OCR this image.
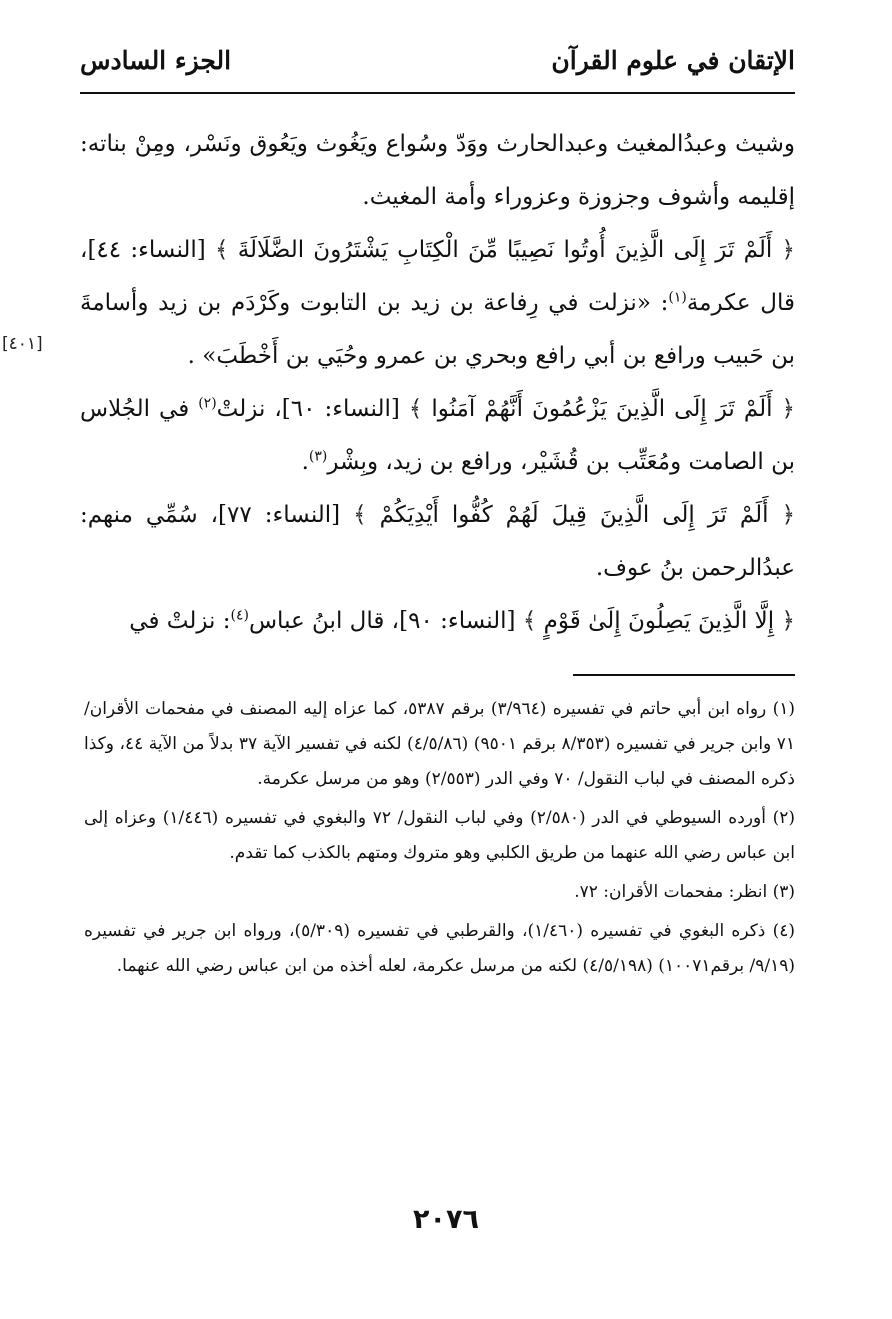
الإتقان في علوم القرآن
الجزء السادس
[٤٠١]

وشيث وعبدُالمغيث وعبدالحارث ووَدّ وسُواع ويَغُوث ويَعُوق ونَسْر، ومِنْ بناته: إقليمه وأشوف وجزوزة وعزوراء وأمة المغيث.

﴿ أَلَمْ تَرَ إِلَى الَّذِينَ أُوتُوا نَصِيبًا مِّنَ الْكِتَابِ يَشْتَرُونَ الضَّلَالَةَ ﴾ [النساء: ٤٤]، قال عكرمة$^{(١)}$: «نزلت في رِفاعة بن زيد بن التابوت وكَرْدَم بن زيد وأسامةَ بن حَبيب ورافع بن أبي رافع وبحري بن عمرو وحُيَي بن أَخْطَبَ» .

﴿ أَلَمْ تَرَ إِلَى الَّذِينَ يَزْعُمُونَ أَنَّهُمْ آمَنُوا ﴾ [النساء: ٦٠]، نزلتْ$^{(٢)}$ في الجُلاس بن الصامت ومُعَتِّب بن قُشَيْر، ورافع بن زيد، وبِشْر$^{(٣)}$.

﴿ أَلَمْ تَرَ إِلَى الَّذِينَ قِيلَ لَهُمْ كُفُّوا أَيْدِيَكُمْ ﴾ [النساء: ٧٧]، سُمِّي منهم: عبدُالرحمن بنُ عوف.

﴿ إِلَّا الَّذِينَ يَصِلُونَ إِلَىٰ قَوْمٍ ﴾ [النساء: ٩٠]، قال ابنُ عباس$^{(٤)}$: نزلتْ في

(١) رواه ابن أبي حاتم في تفسيره (٣/٩٦٤) برقم ٥٣٨٧، كما عزاه إليه المصنف في مفحمات الأقران/ ٧١ وابن جرير في تفسيره (٨/٣٥٣ برقم ٩٥٠١) (٤/٥/٨٦) لكنه في تفسير الآية ٣٧ بدلاً من الآية ٤٤، وكذا ذكره المصنف في لباب النقول/ ٧٠ وفي الدر (٢/٥٥٣) وهو من مرسل عكرمة.

(٢) أورده السيوطي في الدر (٢/٥٨٠) وفي لباب النقول/ ٧٢ والبغوي في تفسيره (١/٤٤٦) وعزاه إلى ابن عباس رضي الله عنهما من طريق الكلبي وهو متروك ومتهم بالكذب كما تقدم.

(٣) انظر: مفحمات الأقران: ٧٢.

(٤) ذكره البغوي في تفسيره (١/٤٦٠)، والقرطبي في تفسيره (٥/٣٠٩)، ورواه ابن جرير في تفسيره (٩/١٩/ برقم١٠٠٧١) (٤/٥/١٩٨) لكنه من مرسل عكرمة، لعله أخذه من ابن عباس رضي الله عنهما.

٢٠٧٦
